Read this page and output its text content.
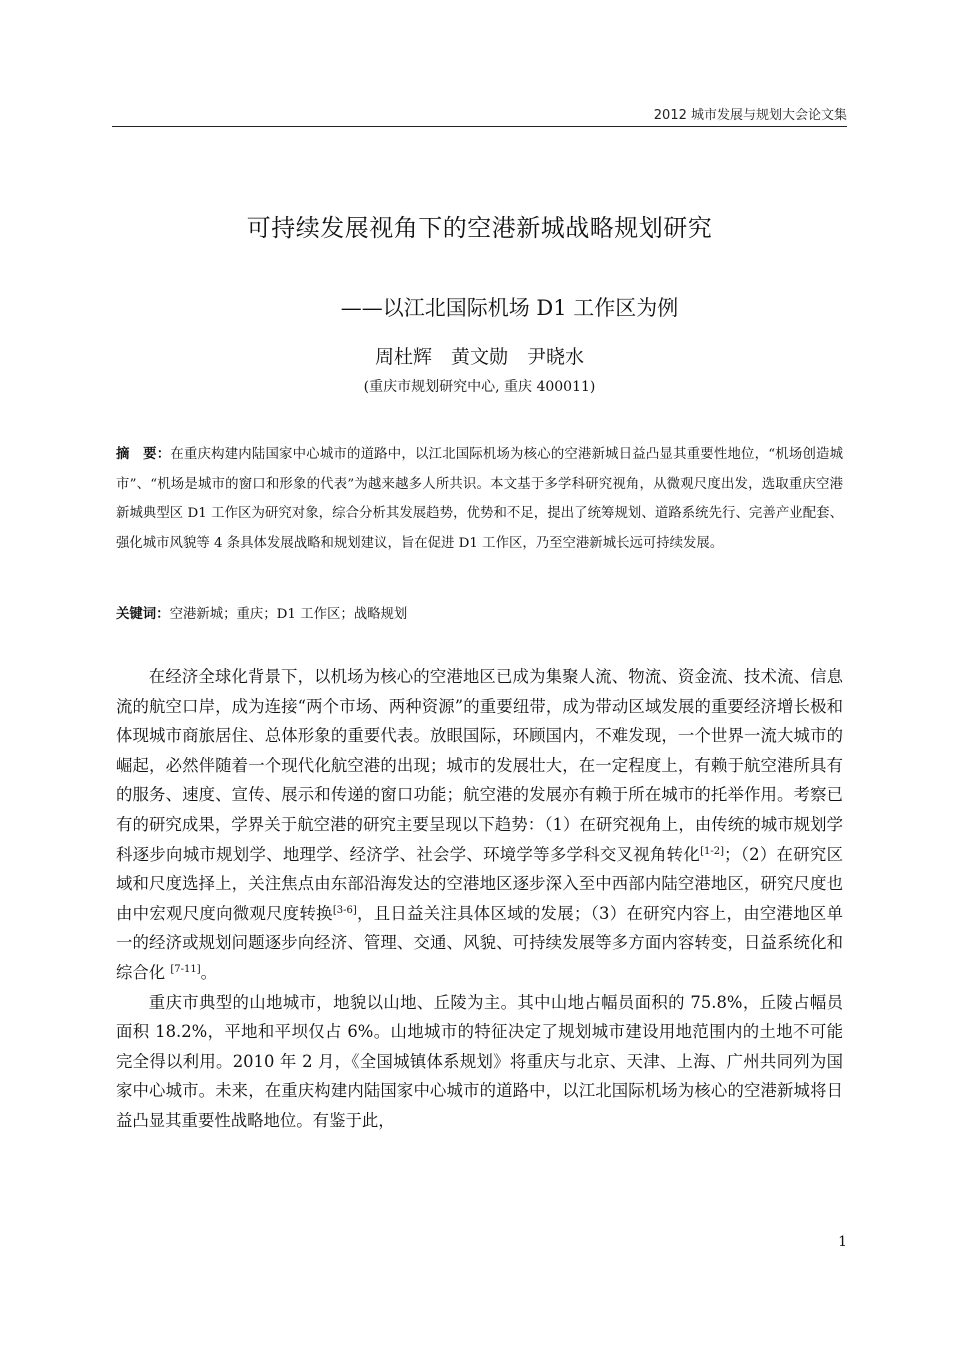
2012 城市发展与规划大会论文集
可持续发展视角下的空港新城战略规划研究
——以江北国际机场 D1 工作区为例
周杜辉　黄文勋　尹晓水
(重庆市规划研究中心, 重庆 400011)
摘　要：在重庆构建内陆国家中心城市的道路中，以江北国际机场为核心的空港新城日益凸显其重要性地位，“机场创造城市”、“机场是城市的窗口和形象的代表”为越来越多人所共识。本文基于多学科研究视角，从微观尺度出发，选取重庆空港新城典型区 D1 工作区为研究对象，综合分析其发展趋势，优势和不足，提出了统筹规划、道路系统先行、完善产业配套、强化城市风貌等 4 条具体发展战略和规划建议，旨在促进 D1 工作区，乃至空港新城长远可持续发展。
关键词：空港新城；重庆；D1 工作区；战略规划

在经济全球化背景下，以机场为核心的空港地区已成为集聚人流、物流、资金流、技术流、信息流的航空口岸，成为连接“两个市场、两种资源”的重要纽带，成为带动区域发展的重要经济增长极和体现城市商旅居住、总体形象的重要代表。放眼国际，环顾国内，不难发现，一个世界一流大城市的崛起，必然伴随着一个现代化航空港的出现；城市的发展壮大，在一定程度上，有赖于航空港所具有的服务、速度、宣传、展示和传递的窗口功能；航空港的发展亦有赖于所在城市的托举作用。考察已有的研究成果，学界关于航空港的研究主要呈现以下趋势：（1）在研究视角上，由传统的城市规划学科逐步向城市规划学、地理学、经济学、社会学、环境学等多学科交叉视角转化[1-2]；（2）在研究区域和尺度选择上，关注焦点由东部沿海发达的空港地区逐步深入至中西部内陆空港地区，研究尺度也由中宏观尺度向微观尺度转换[3-6]，且日益关注具体区域的发展；（3）在研究内容上，由空港地区单一的经济或规划问题逐步向经济、管理、交通、风貌、可持续发展等多方面内容转变，日益系统化和综合化 [7-11]。

重庆市典型的山地城市，地貌以山地、丘陵为主。其中山地占幅员面积的 75.8%，丘陵占幅员面积 18.2%，平地和平坝仅占 6%。山地城市的特征决定了规划城市建设用地范围内的土地不可能完全得以利用。2010 年 2 月，《全国城镇体系规划》将重庆与北京、天津、上海、广州共同列为国家中心城市。未来，在重庆构建内陆国家中心城市的道路中，以江北国际机场为核心的空港新城将日益凸显其重要性战略地位。有鉴于此，

1
